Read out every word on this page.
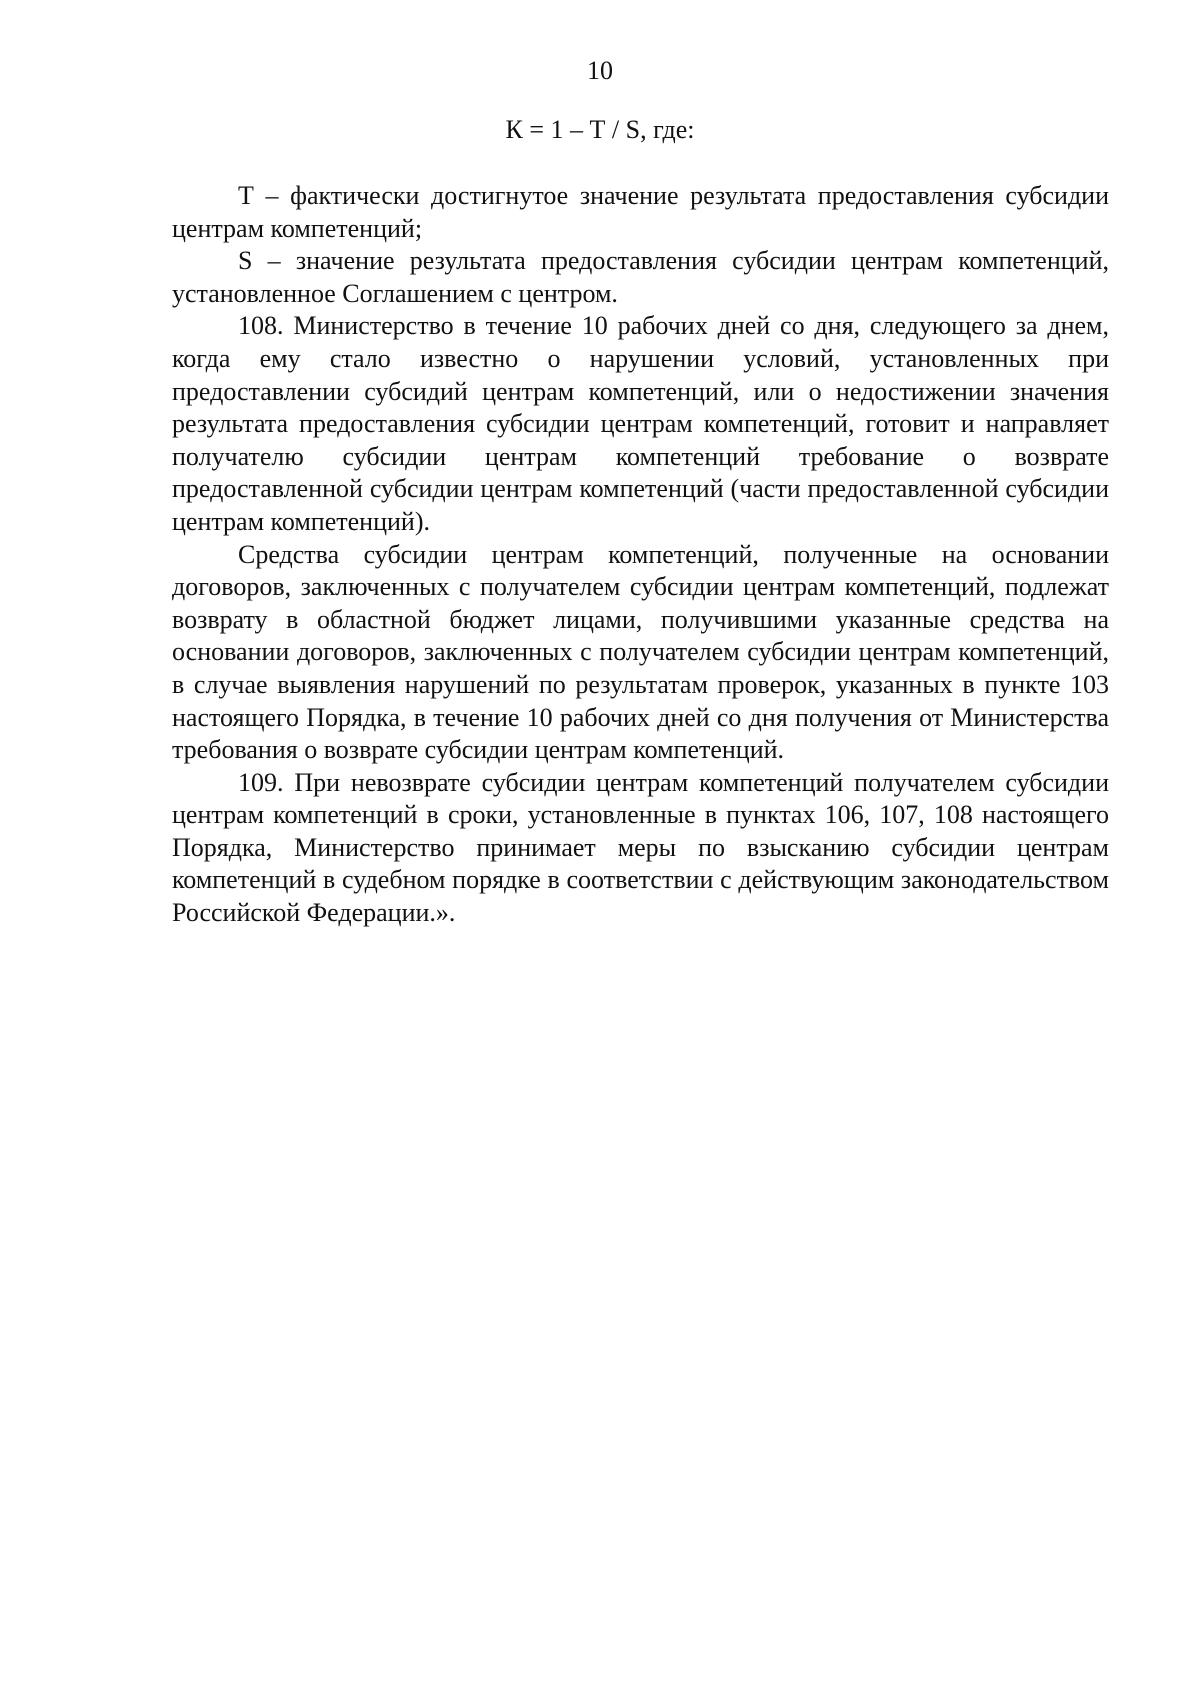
10
К = 1 – Т / S, где:

Т – фактически достигнутое значение результата предоставления субсидии центрам компетенций;

S – значение результата предоставления субсидии центрам компетенций, установленное Соглашением с центром.

108. Министерство в течение 10 рабочих дней со дня, следующего за днем, когда ему стало известно о нарушении условий, установленных при предоставлении субсидий центрам компетенций, или о недостижении значения результата предоставления субсидии центрам компетенций, готовит и направляет получателю субсидии центрам компетенций требование о возврате предоставленной субсидии центрам компетенций (части предоставленной субсидии центрам компетенций).

Средства субсидии центрам компетенций, полученные на основании договоров, заключенных с получателем субсидии центрам компетенций, подлежат возврату в областной бюджет лицами, получившими указанные средства на основании договоров, заключенных с получателем субсидии центрам компетенций, в случае выявления нарушений по результатам проверок, указанных в пункте 103 настоящего Порядка, в течение 10 рабочих дней со дня получения от Министерства требования о возврате субсидии центрам компетенций.

109. При невозврате субсидии центрам компетенций получателем субсидии центрам компетенций в сроки, установленные в пунктах 106, 107, 108 настоящего Порядка, Министерство принимает меры по взысканию субсидии центрам компетенций в судебном порядке в соответствии с действующим законодательством Российской Федерации.».
